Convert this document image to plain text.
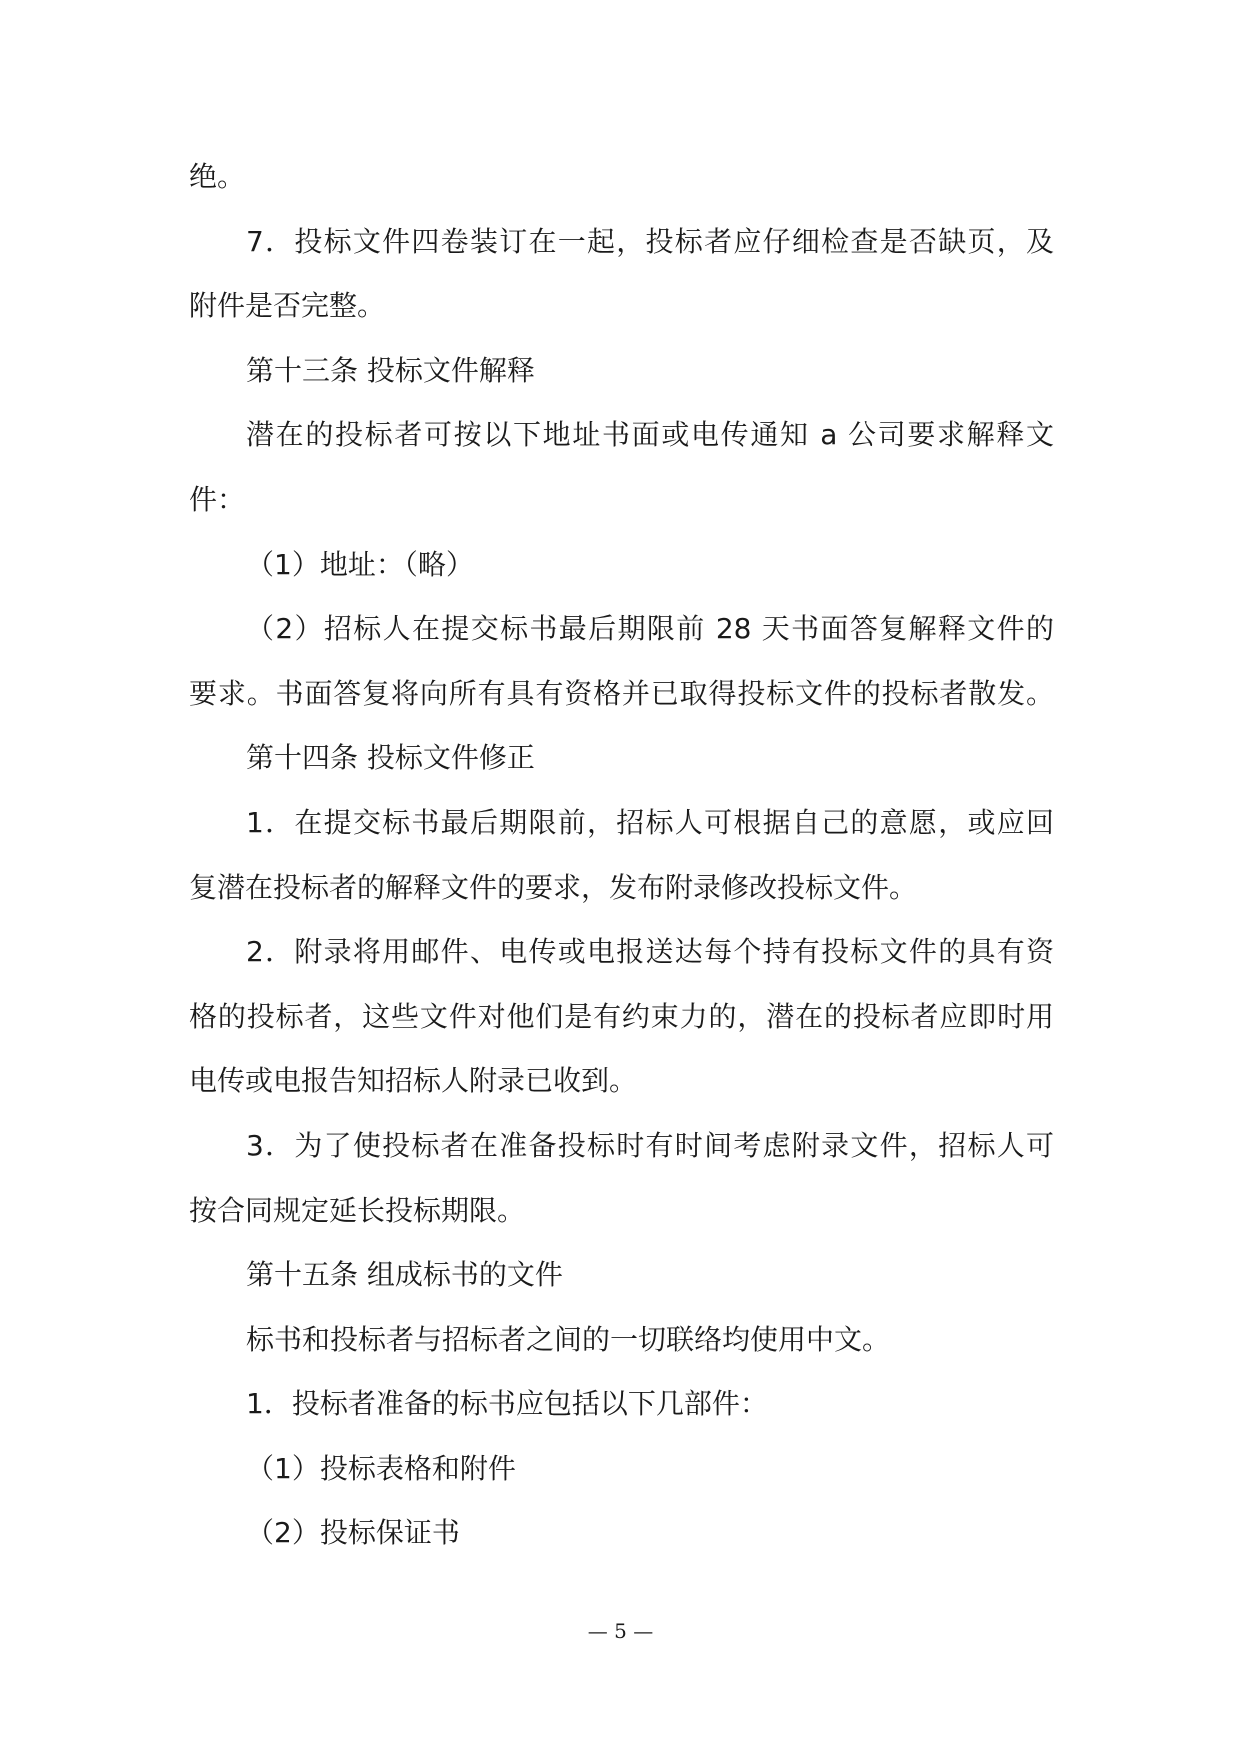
绝。
7．投标文件四卷装订在一起，投标者应仔细检查是否缺页，及
附件是否完整。
第十三条 投标文件解释
潜在的投标者可按以下地址书面或电传通知 a 公司要求解释文
件：
（1）地址：（略）
（2）招标人在提交标书最后期限前 28 天书面答复解释文件的
要求。书面答复将向所有具有资格并已取得投标文件的投标者散发。
第十四条 投标文件修正
1．在提交标书最后期限前，招标人可根据自己的意愿，或应回
复潜在投标者的解释文件的要求，发布附录修改投标文件。
2．附录将用邮件、电传或电报送达每个持有投标文件的具有资
格的投标者，这些文件对他们是有约束力的，潜在的投标者应即时用
电传或电报告知招标人附录已收到。
3．为了使投标者在准备投标时有时间考虑附录文件，招标人可
按合同规定延长投标期限。
第十五条 组成标书的文件
标书和投标者与招标者之间的一切联络均使用中文。
1．投标者准备的标书应包括以下几部件：
（1）投标表格和附件
（2）投标保证书
— 5 —
